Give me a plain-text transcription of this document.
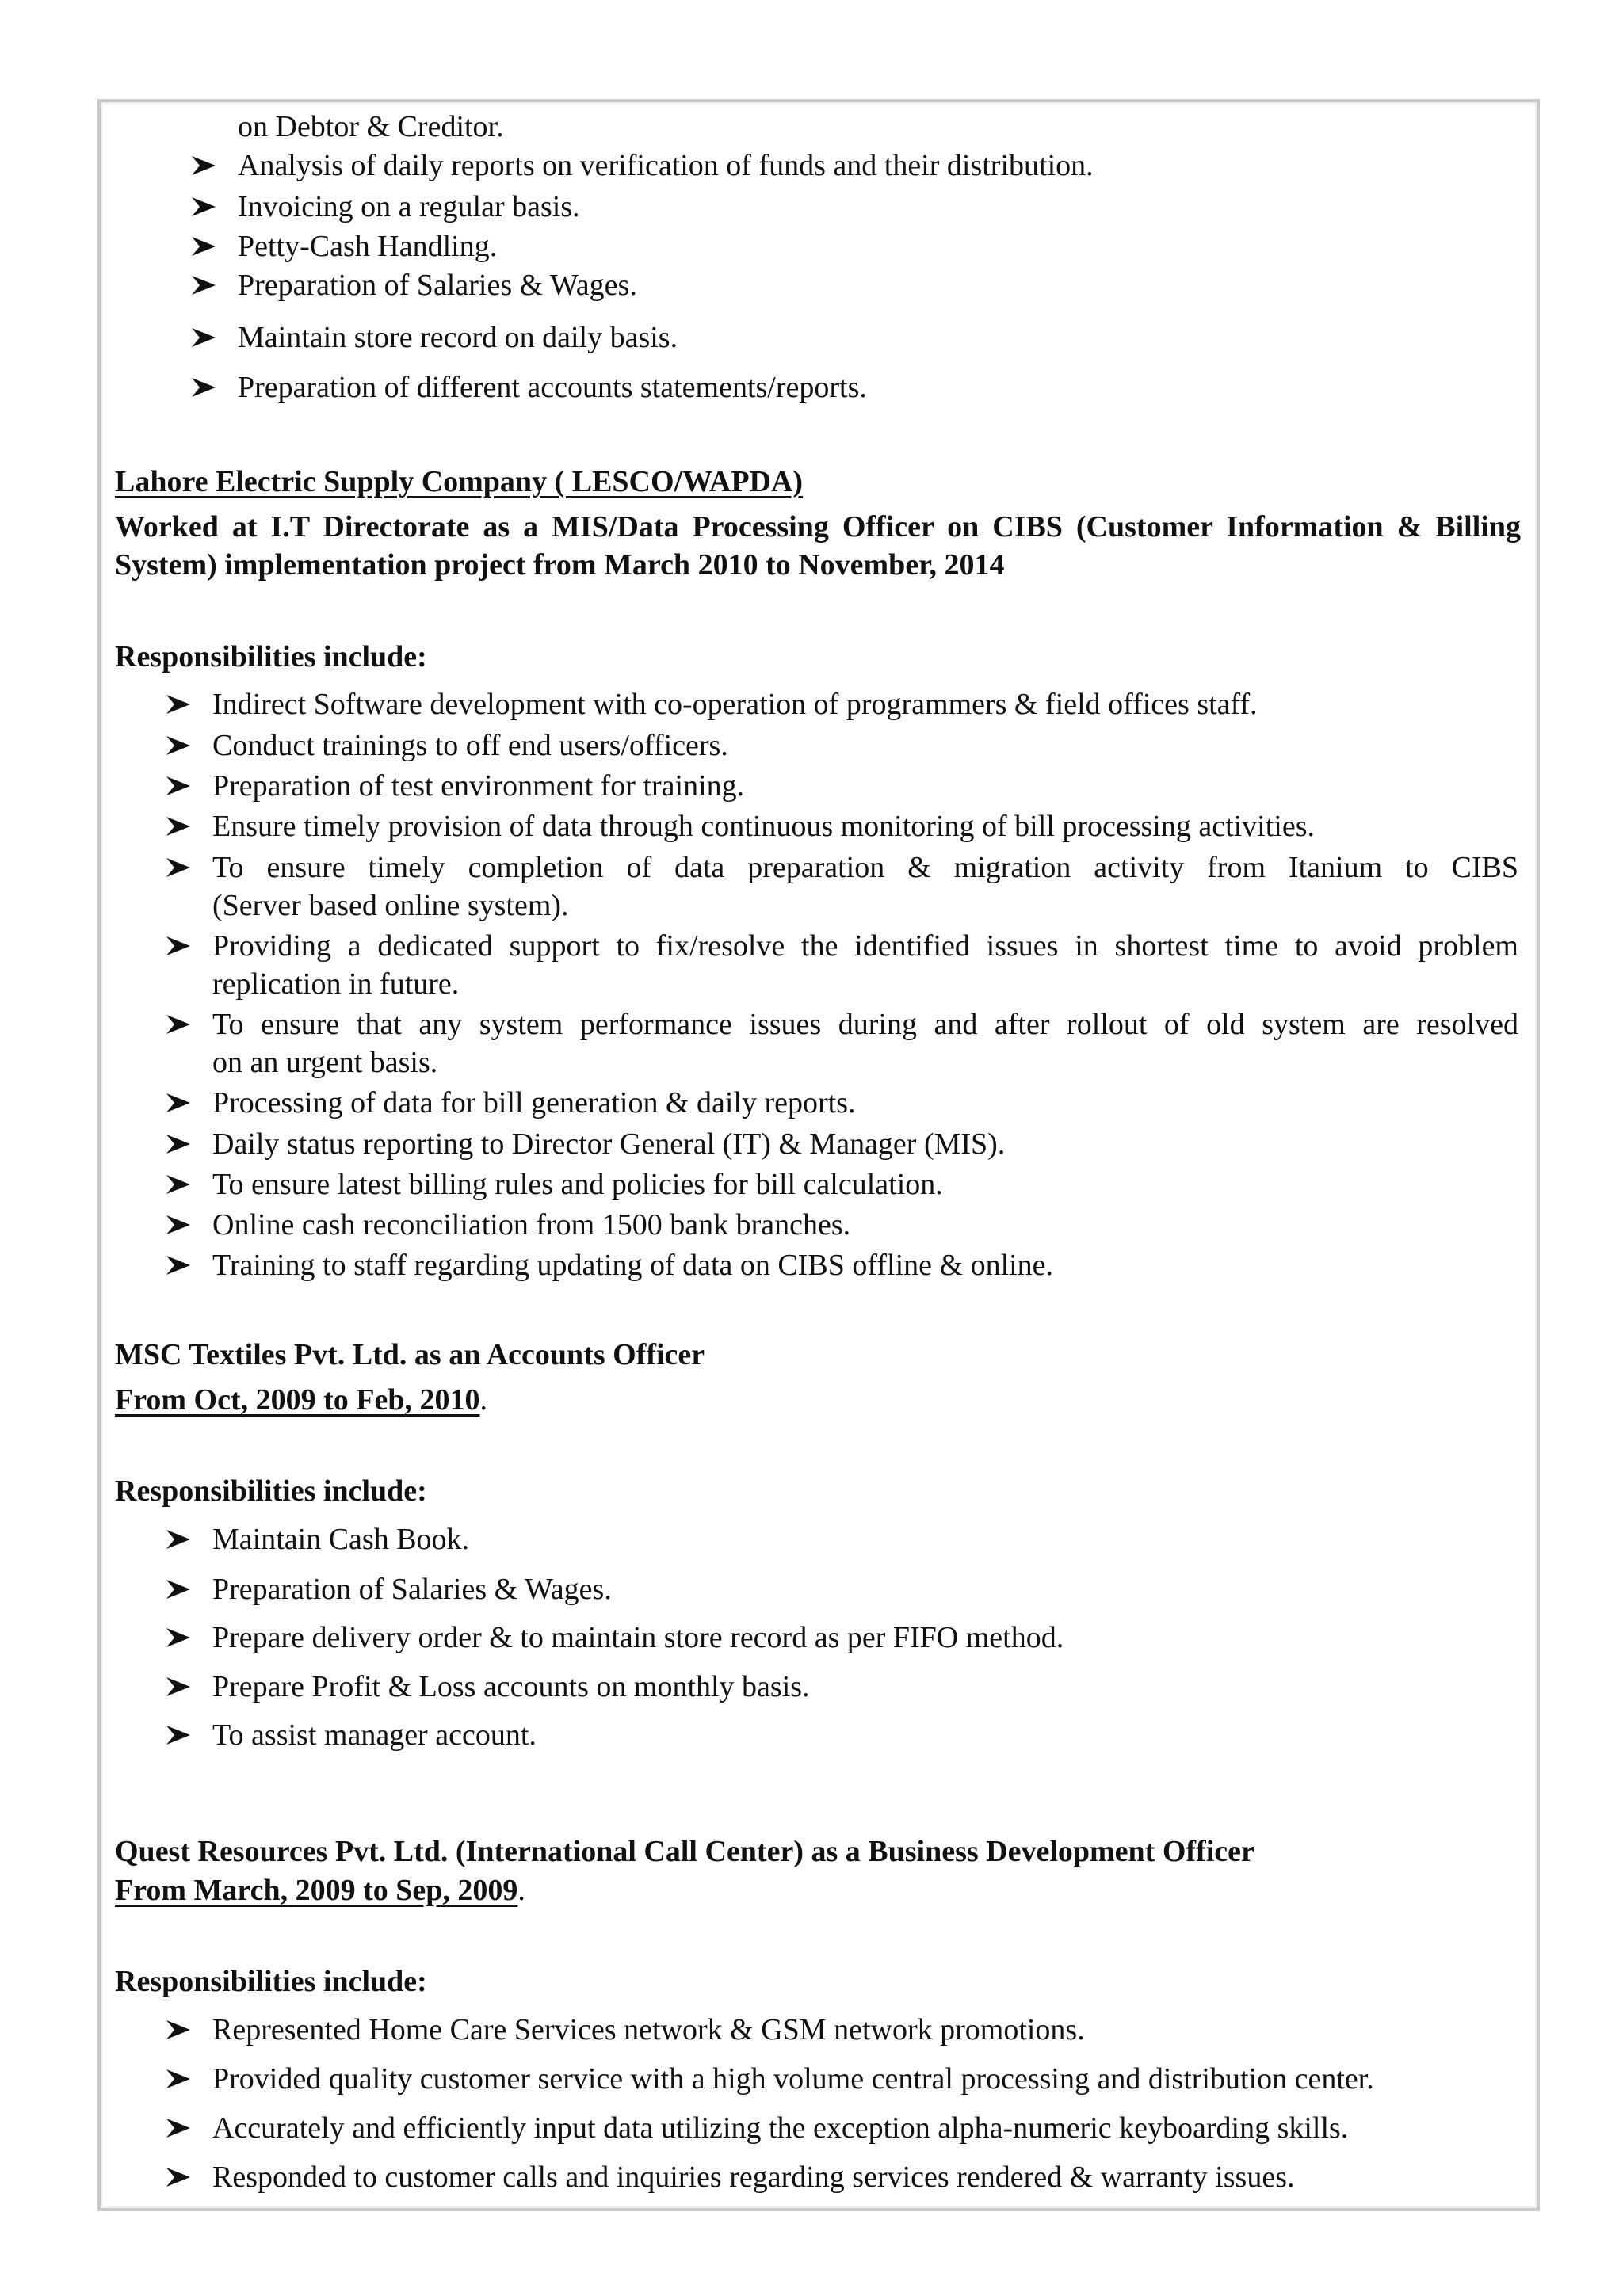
on Debtor & Creditor.
Analysis of daily reports on verification of funds and their distribution.
Invoicing on a regular basis.
Petty-Cash Handling.
Preparation of Salaries & Wages.
Maintain store record on daily basis.
Preparation of different accounts statements/reports.
Lahore Electric Supply Company ( LESCO/WAPDA)
Worked at I.T Directorate as a MIS/Data Processing Officer on CIBS (Customer Information & Billing
System) implementation project from March 2010 to November, 2014
Responsibilities include:
Indirect Software development with co-operation of programmers & field offices staff.
Conduct trainings to off end users/officers.
Preparation of test environment for training.
Ensure timely provision of data through continuous monitoring of bill processing activities.
To ensure timely completion of data preparation & migration activity from Itanium to CIBS
(Server based online system).
Providing a dedicated support to fix/resolve the identified issues in shortest time to avoid problem
replication in future.
To ensure that any system performance issues during and after rollout of old system are resolved
on an urgent basis.
Processing of data for bill generation & daily reports.
Daily status reporting to Director General (IT) & Manager (MIS).
To ensure latest billing rules and policies for bill calculation.
Online cash reconciliation from 1500 bank branches.
Training to staff regarding updating of data on CIBS offline & online.
MSC Textiles Pvt. Ltd. as an Accounts Officer
From Oct, 2009 to Feb, 2010.
Responsibilities include:
Maintain Cash Book.
Preparation of Salaries & Wages.
Prepare delivery order & to maintain store record as per FIFO method.
Prepare Profit & Loss accounts on monthly basis.
To assist manager account.
Quest Resources Pvt. Ltd. (International Call Center) as a Business Development Officer
From March, 2009 to Sep, 2009.
Responsibilities include:
Represented Home Care Services network & GSM network promotions.
Provided quality customer service with a high volume central processing and distribution center.
Accurately and efficiently input data utilizing the exception alpha-numeric keyboarding skills.
Responded to customer calls and inquiries regarding services rendered & warranty issues.
